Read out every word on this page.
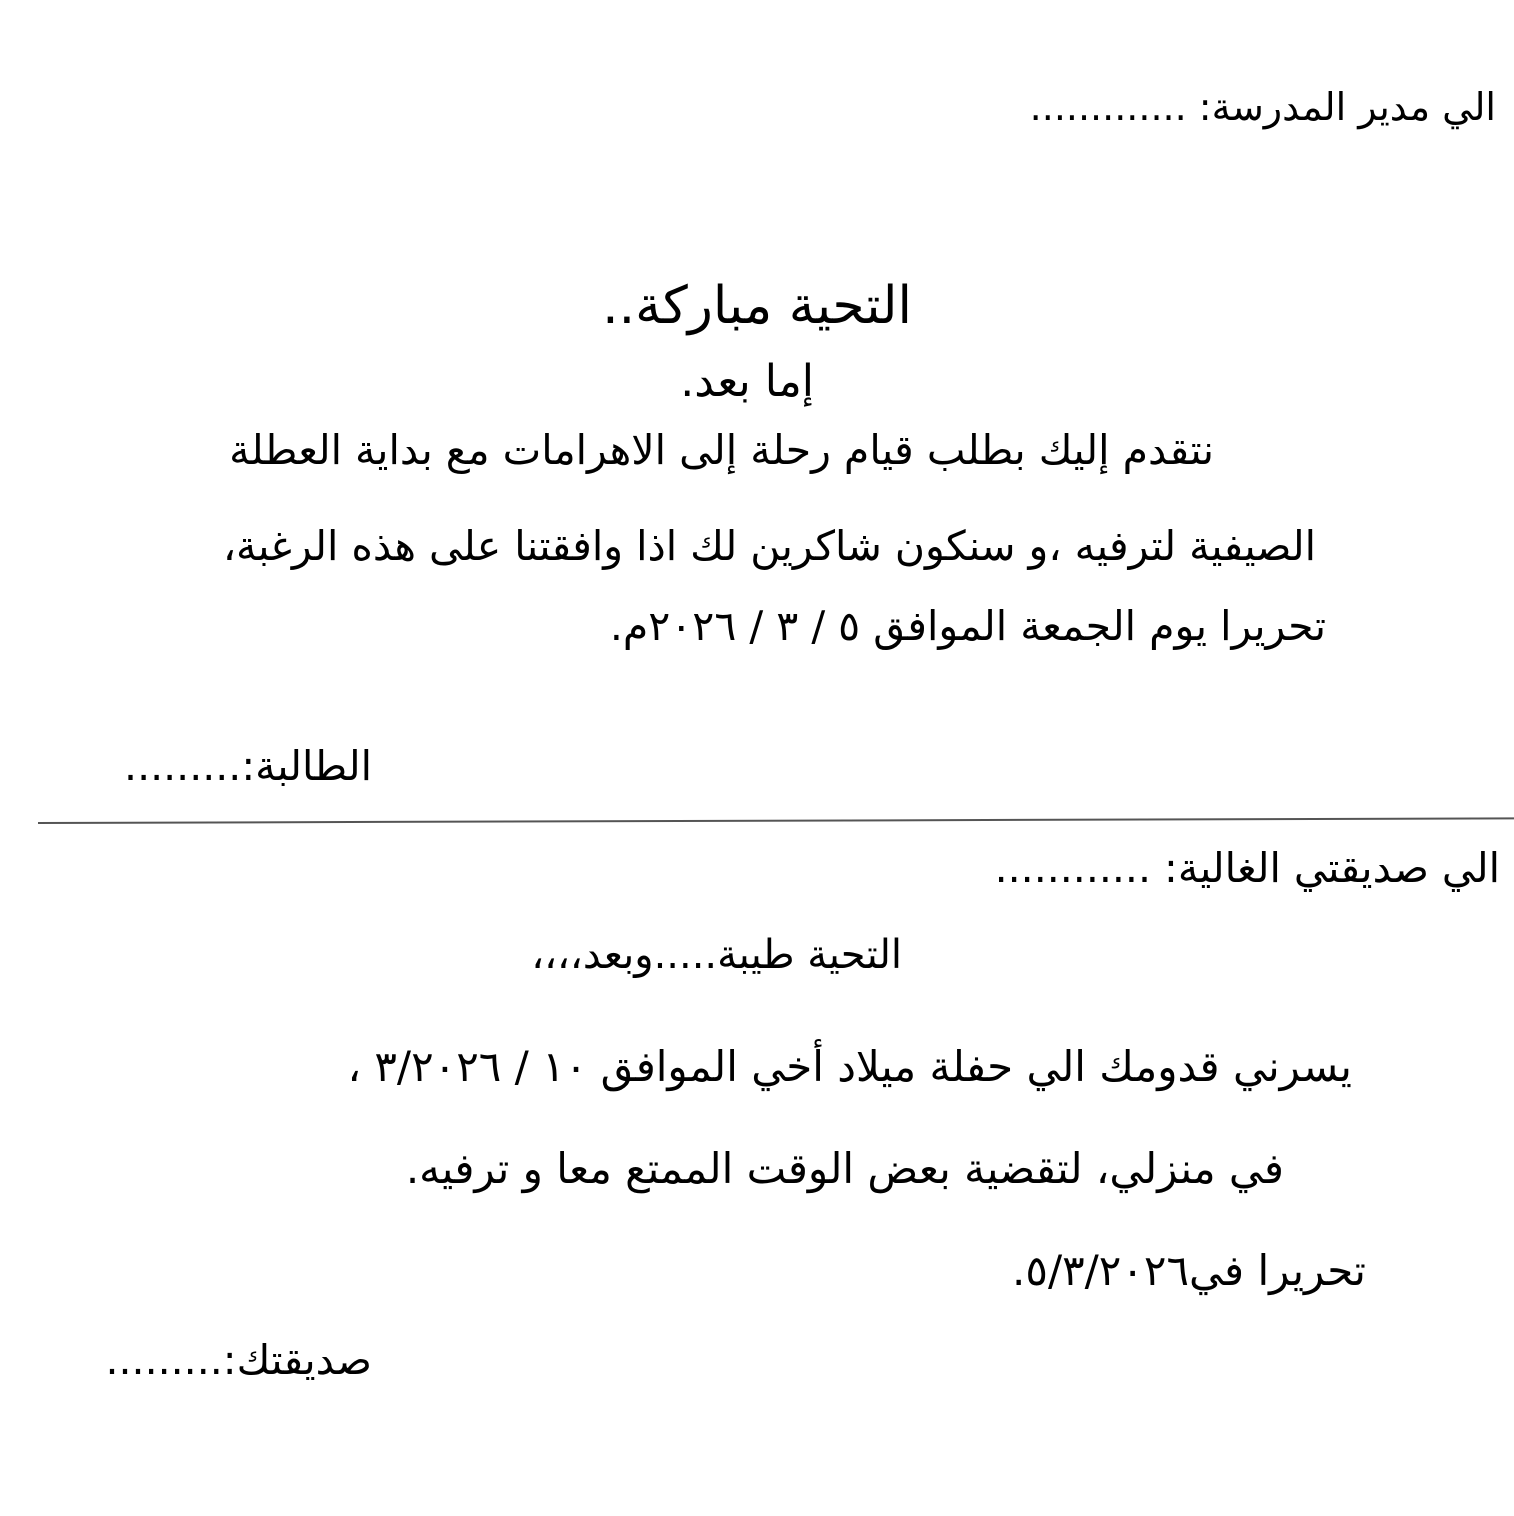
الي مدير المدرسة: .............
التحية مباركة..
إما بعد.
نتقدم إليك بطلب قيام رحلة إلى الاهرامات مع بداية العطلة
الصيفية لترفيه ،و سنكون شاكرين لك اذا وافقتنا على هذه الرغبة،
تحريرا يوم الجمعة الموافق ٥ / ٣ / ٢٠٢٦م.
الطالبة:.........
الي صديقتي الغالية: ............
التحية طيبة.....وبعد،،،،
يسرني قدومك الي حفلة ميلاد أخي الموافق ١٠ / ٣/٢٠٢٦ ،
في منزلي، لتقضية بعض الوقت الممتع معا و ترفيه.
تحريرا في٥/٣/٢٠٢٦.
صديقتك:.........
